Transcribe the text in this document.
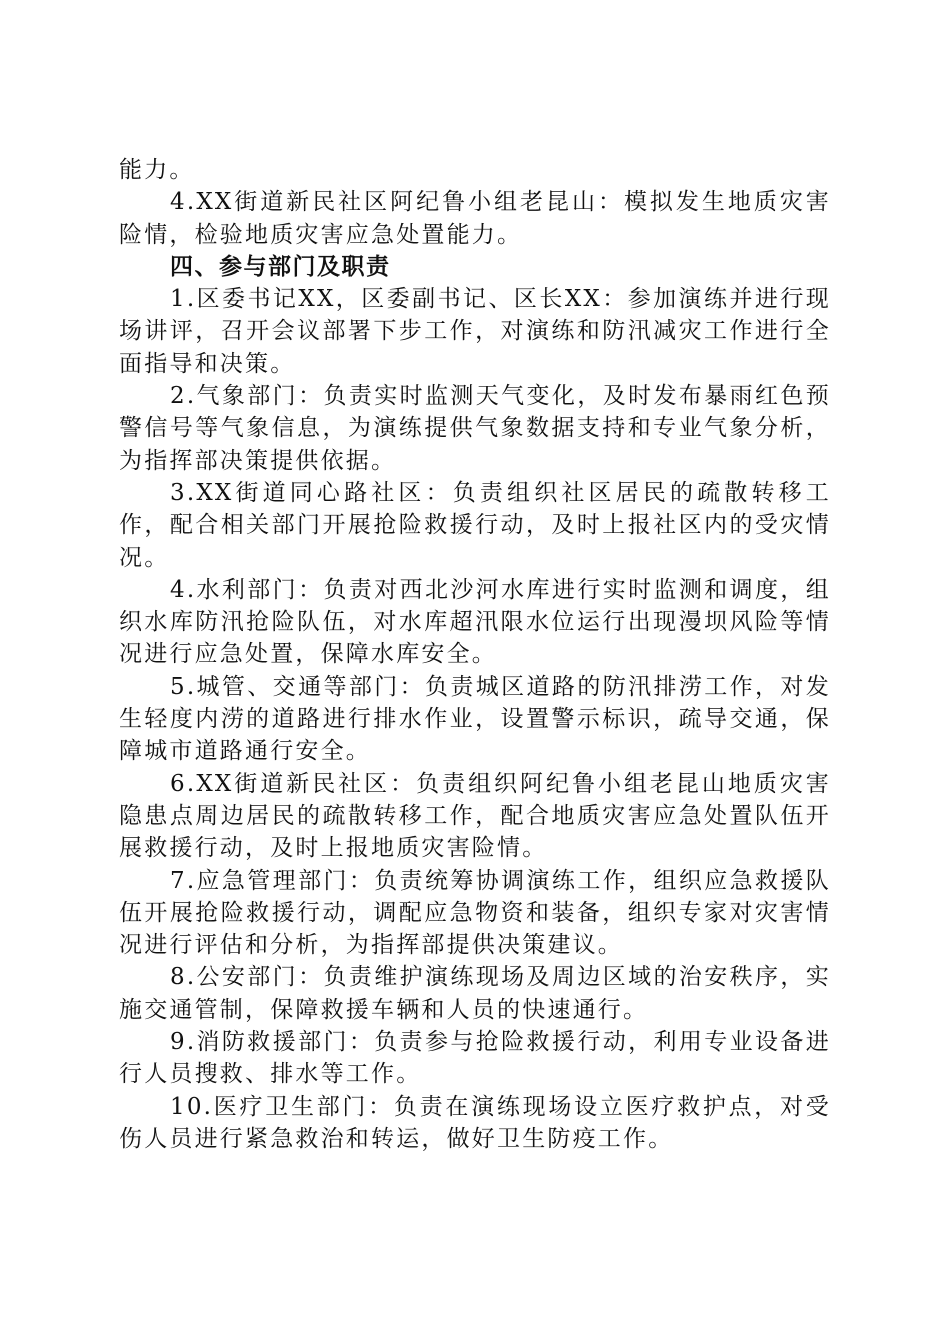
能力。

4.XX街道新民社区阿纪鲁小组老昆山：模拟发生地质灾害险情，检验地质灾害应急处置能力。

四、参与部门及职责

1.区委书记XX，区委副书记、区长XX：参加演练并进行现场讲评，召开会议部署下步工作，对演练和防汛减灾工作进行全面指导和决策。

2.气象部门：负责实时监测天气变化，及时发布暴雨红色预警信号等气象信息，为演练提供气象数据支持和专业气象分析，为指挥部决策提供依据。

3.XX街道同心路社区：负责组织社区居民的疏散转移工作，配合相关部门开展抢险救援行动，及时上报社区内的受灾情况。

4.水利部门：负责对西北沙河水库进行实时监测和调度，组织水库防汛抢险队伍，对水库超汛限水位运行出现漫坝风险等情况进行应急处置，保障水库安全。

5.城管、交通等部门：负责城区道路的防汛排涝工作，对发生轻度内涝的道路进行排水作业，设置警示标识，疏导交通，保障城市道路通行安全。

6.XX街道新民社区：负责组织阿纪鲁小组老昆山地质灾害隐患点周边居民的疏散转移工作，配合地质灾害应急处置队伍开展救援行动，及时上报地质灾害险情。

7.应急管理部门：负责统筹协调演练工作，组织应急救援队伍开展抢险救援行动，调配应急物资和装备，组织专家对灾害情况进行评估和分析，为指挥部提供决策建议。

8.公安部门：负责维护演练现场及周边区域的治安秩序，实施交通管制，保障救援车辆和人员的快速通行。

9.消防救援部门：负责参与抢险救援行动，利用专业设备进行人员搜救、排水等工作。

10.医疗卫生部门：负责在演练现场设立医疗救护点，对受伤人员进行紧急救治和转运，做好卫生防疫工作。
